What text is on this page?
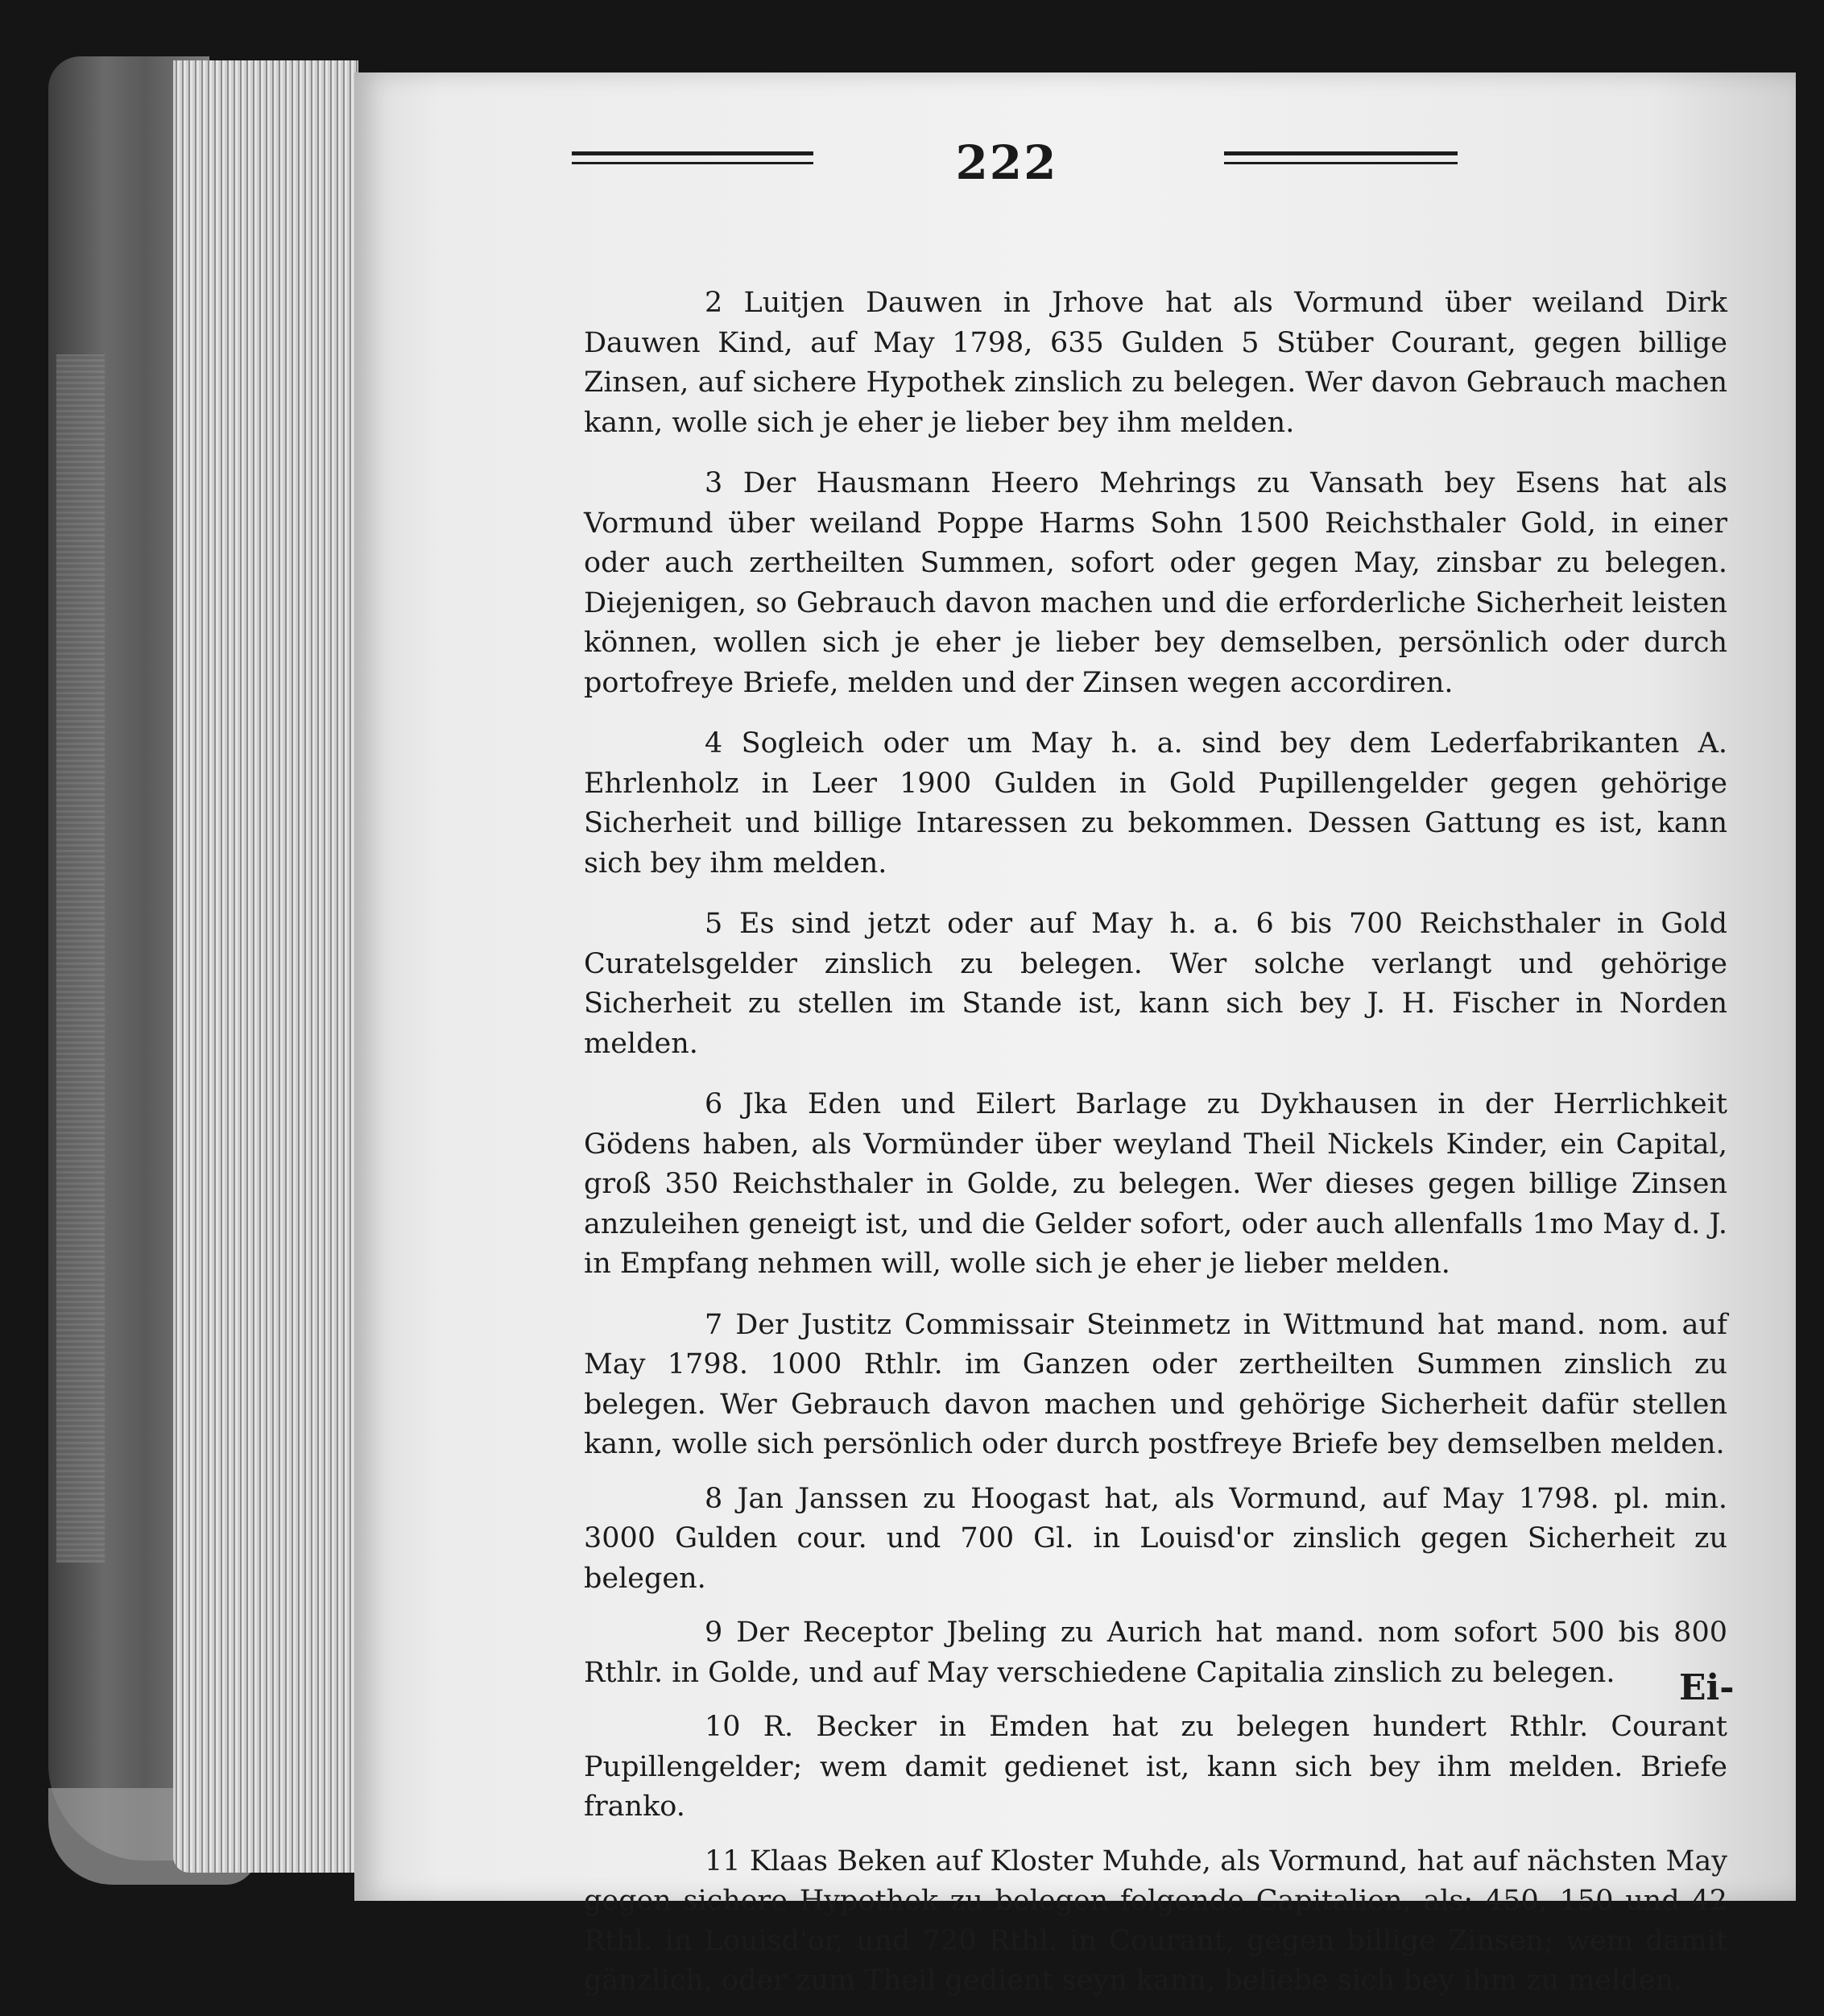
222

2 Luitjen Dauwen in Jrhove hat als Vormund über weiland Dirk Dauwen Kind, auf May 1798, 635 Gulden 5 Stüber Courant, gegen billige Zinsen, auf sichere Hypothek zinslich zu belegen. Wer davon Gebrauch machen kann, wolle sich je eher je lieber bey ihm melden.

3 Der Hausmann Heero Mehrings zu Vansath bey Esens hat als Vormund über weiland Poppe Harms Sohn 1500 Reichsthaler Gold, in einer oder auch zertheilten Summen, sofort oder gegen May, zinsbar zu belegen. Diejenigen, so Gebrauch davon machen und die erforderliche Sicherheit leisten können, wollen sich je eher je lieber bey demselben, persönlich oder durch portofreye Briefe, melden und der Zinsen wegen accordiren.

4 Sogleich oder um May h. a. sind bey dem Lederfabrikanten A. Ehrlenholz in Leer 1900 Gulden in Gold Pupillengelder gegen gehörige Sicherheit und billige Intaressen zu bekommen. Dessen Gattung es ist, kann sich bey ihm melden.

5 Es sind jetzt oder auf May h. a. 6 bis 700 Reichsthaler in Gold Curatelsgelder zinslich zu belegen. Wer solche verlangt und gehörige Sicherheit zu stellen im Stande ist, kann sich bey J. H. Fischer in Norden melden.

6 Jka Eden und Eilert Barlage zu Dykhausen in der Herrlichkeit Gödens haben, als Vormünder über weyland Theil Nickels Kinder, ein Capital, groß 350 Reichsthaler in Golde, zu belegen. Wer dieses gegen billige Zinsen anzuleihen geneigt ist, und die Gelder sofort, oder auch allenfalls 1mo May d. J. in Empfang nehmen will, wolle sich je eher je lieber melden.

7 Der Justitz Commissair Steinmetz in Wittmund hat mand. nom. auf May 1798. 1000 Rthlr. im Ganzen oder zertheilten Summen zinslich zu belegen. Wer Gebrauch davon machen und gehörige Sicherheit dafür stellen kann, wolle sich persönlich oder durch postfreye Briefe bey demselben melden.

8 Jan Janssen zu Hoogast hat, als Vormund, auf May 1798. pl. min. 3000 Gulden cour. und 700 Gl. in Louisd'or zinslich gegen Sicherheit zu belegen.

9 Der Receptor Jbeling zu Aurich hat mand. nom sofort 500 bis 800 Rthlr. in Golde, und auf May verschiedene Capitalia zinslich zu belegen.

10 R. Becker in Emden hat zu belegen hundert Rthlr. Courant Pupillengelder; wem damit gedienet ist, kann sich bey ihm melden. Briefe franko.

11 Klaas Beken auf Kloster Muhde, als Vormund, hat auf nächsten May gegen sichere Hypothek zu belegen folgende Capitalien, als: 450, 150 und 42 Rthl. in Louisd'or, und 720 Rthl. in Courant, gegen billige Zinsen; wem damit gänzlich, oder zum Theil gedient seyn kann, beliebe sich bey ihm zu melden.

Ei-
